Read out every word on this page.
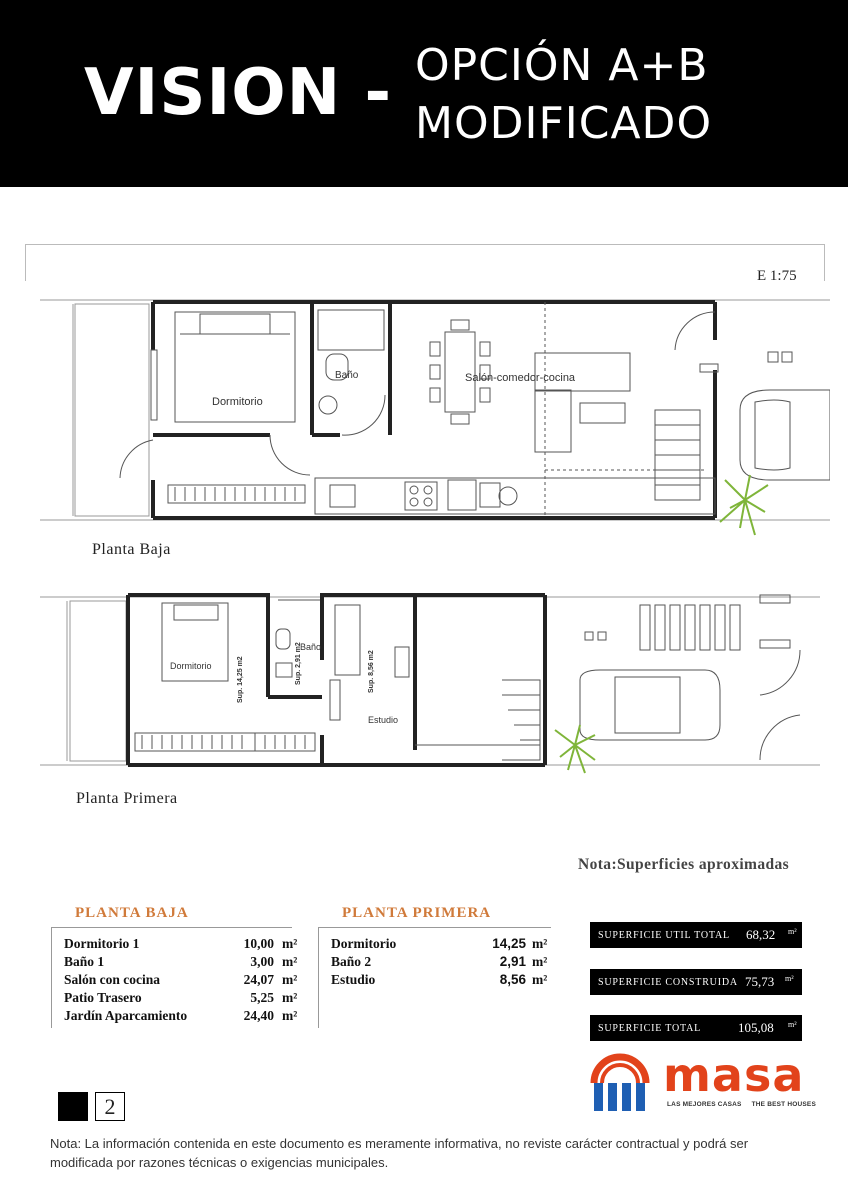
VISION - OPCIÓN A+B
MODIFICADO
E 1:75
Dormitorio
Baño	Salón-comedor-cocina
Planta Baja
Dormitorio
Baño
Estudio
Sup. 14,25 m2	Sup. 2,91 m2	Sup. 8,56 m2
Planta Primera
Nota:Superficies aproximadas
PLANTA BAJA
Dormitorio 1	10,00 m²
Baño 1	3,00 m²
Salón con cocina	24,07 m²
Patio Trasero	5,25 m²
Jardín Aparcamiento	24,40 m²
PLANTA PRIMERA
Dormitorio	14,25 m²
Baño 2	2,91 m²
Estudio	8,56 m²
SUPERFICIE UTIL TOTAL 68,32 m²
SUPERFICIE CONSTRUIDA 75,73 m²
SUPERFICIE TOTAL	105,08 m²
masa
LAS MEJORES CASAS THE BEST HOUSES
2
Nota: La información contenida en este documento es meramente informativa, no reviste carácter contractual y podrá ser modificada por razones técnicas o exigencias municipales.
